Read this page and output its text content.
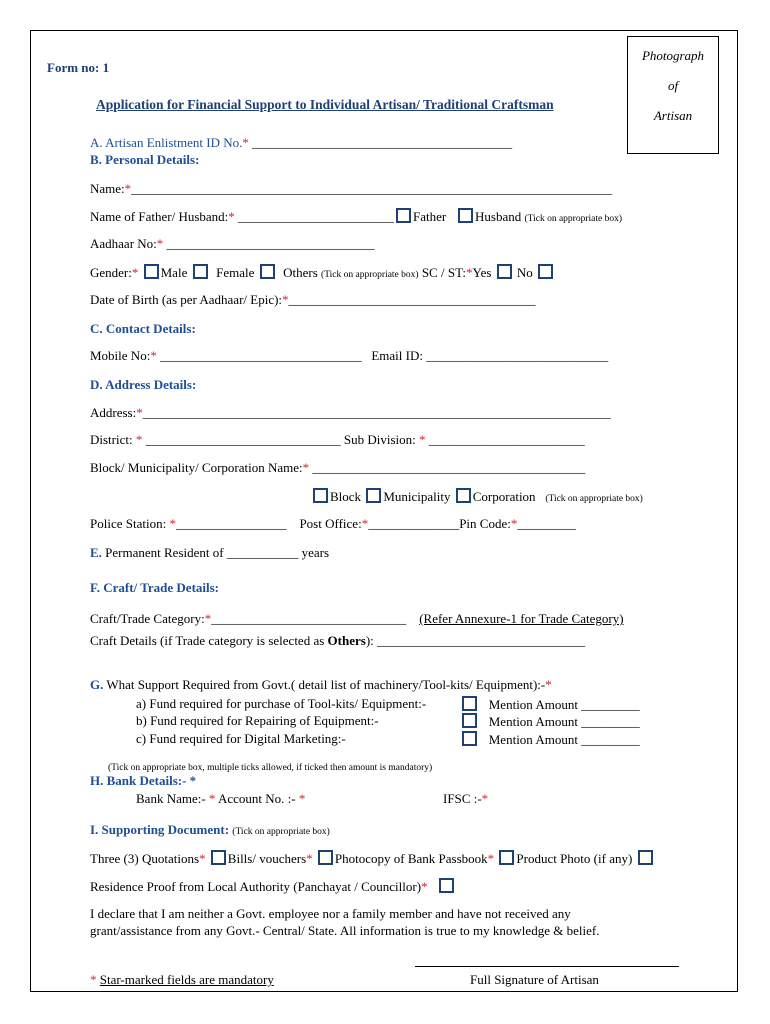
Form no: 1
Photograph
of
Artisan
Application for Financial Support to Individual Artisan/ Traditional Craftsman
A. Artisan Enlistment ID No.* ________________________________________
B. Personal Details:
Name:*__________________________________________________________________________
Name of Father/ Husband:* ________________________ Father Husband (Tick on appropriate box)
Aadhaar No:* ________________________________
Gender:* Male Female Others (Tick on appropriate box) SC / ST:*Yes No
Date of Birth (as per Aadhaar/ Epic):*______________________________________
C. Contact Details:
Mobile No:* _______________________________ Email ID: ____________________________
D. Address Details:
Address:*________________________________________________________________________
District: * ______________________________ Sub Division: * ________________________
Block/ Municipality/ Corporation Name:* __________________________________________
Block Municipality Corporation (Tick on appropriate box)
Police Station: *_________________ Post Office:*______________Pin Code:*_________
E. Permanent Resident of ___________ years
F. Craft/ Trade Details:
Craft/Trade Category:*______________________________ (Refer Annexure-1 for Trade Category)
Craft Details (if Trade category is selected as Others): ________________________________
G. What Support Required from Govt.( detail list of machinery/Tool-kits/ Equipment):-*
a) Fund required for purchase of Tool-kits/ Equipment:-	Mention Amount _________
b) Fund required for Repairing of Equipment:-	Mention Amount _________
c) Fund required for Digital Marketing:-	Mention Amount _________
(Tick on appropriate box, multiple ticks allowed, if ticked then amount is mandatory)
H. Bank Details:- *
Bank Name:- * Account No. :- *	IFSC :-*
I. Supporting Document: (Tick on appropriate box)
Three (3) Quotations* Bills/ vouchers* Photocopy of Bank Passbook* Product Photo (if any)
Residence Proof from Local Authority (Panchayat / Councillor)*
I declare that I am neither a Govt. employee nor a family member and have not received any
grant/assistance from any Govt.- Central/ State. All information is true to my knowledge & belief.
* Star-marked fields are mandatory	Full Signature of Artisan
